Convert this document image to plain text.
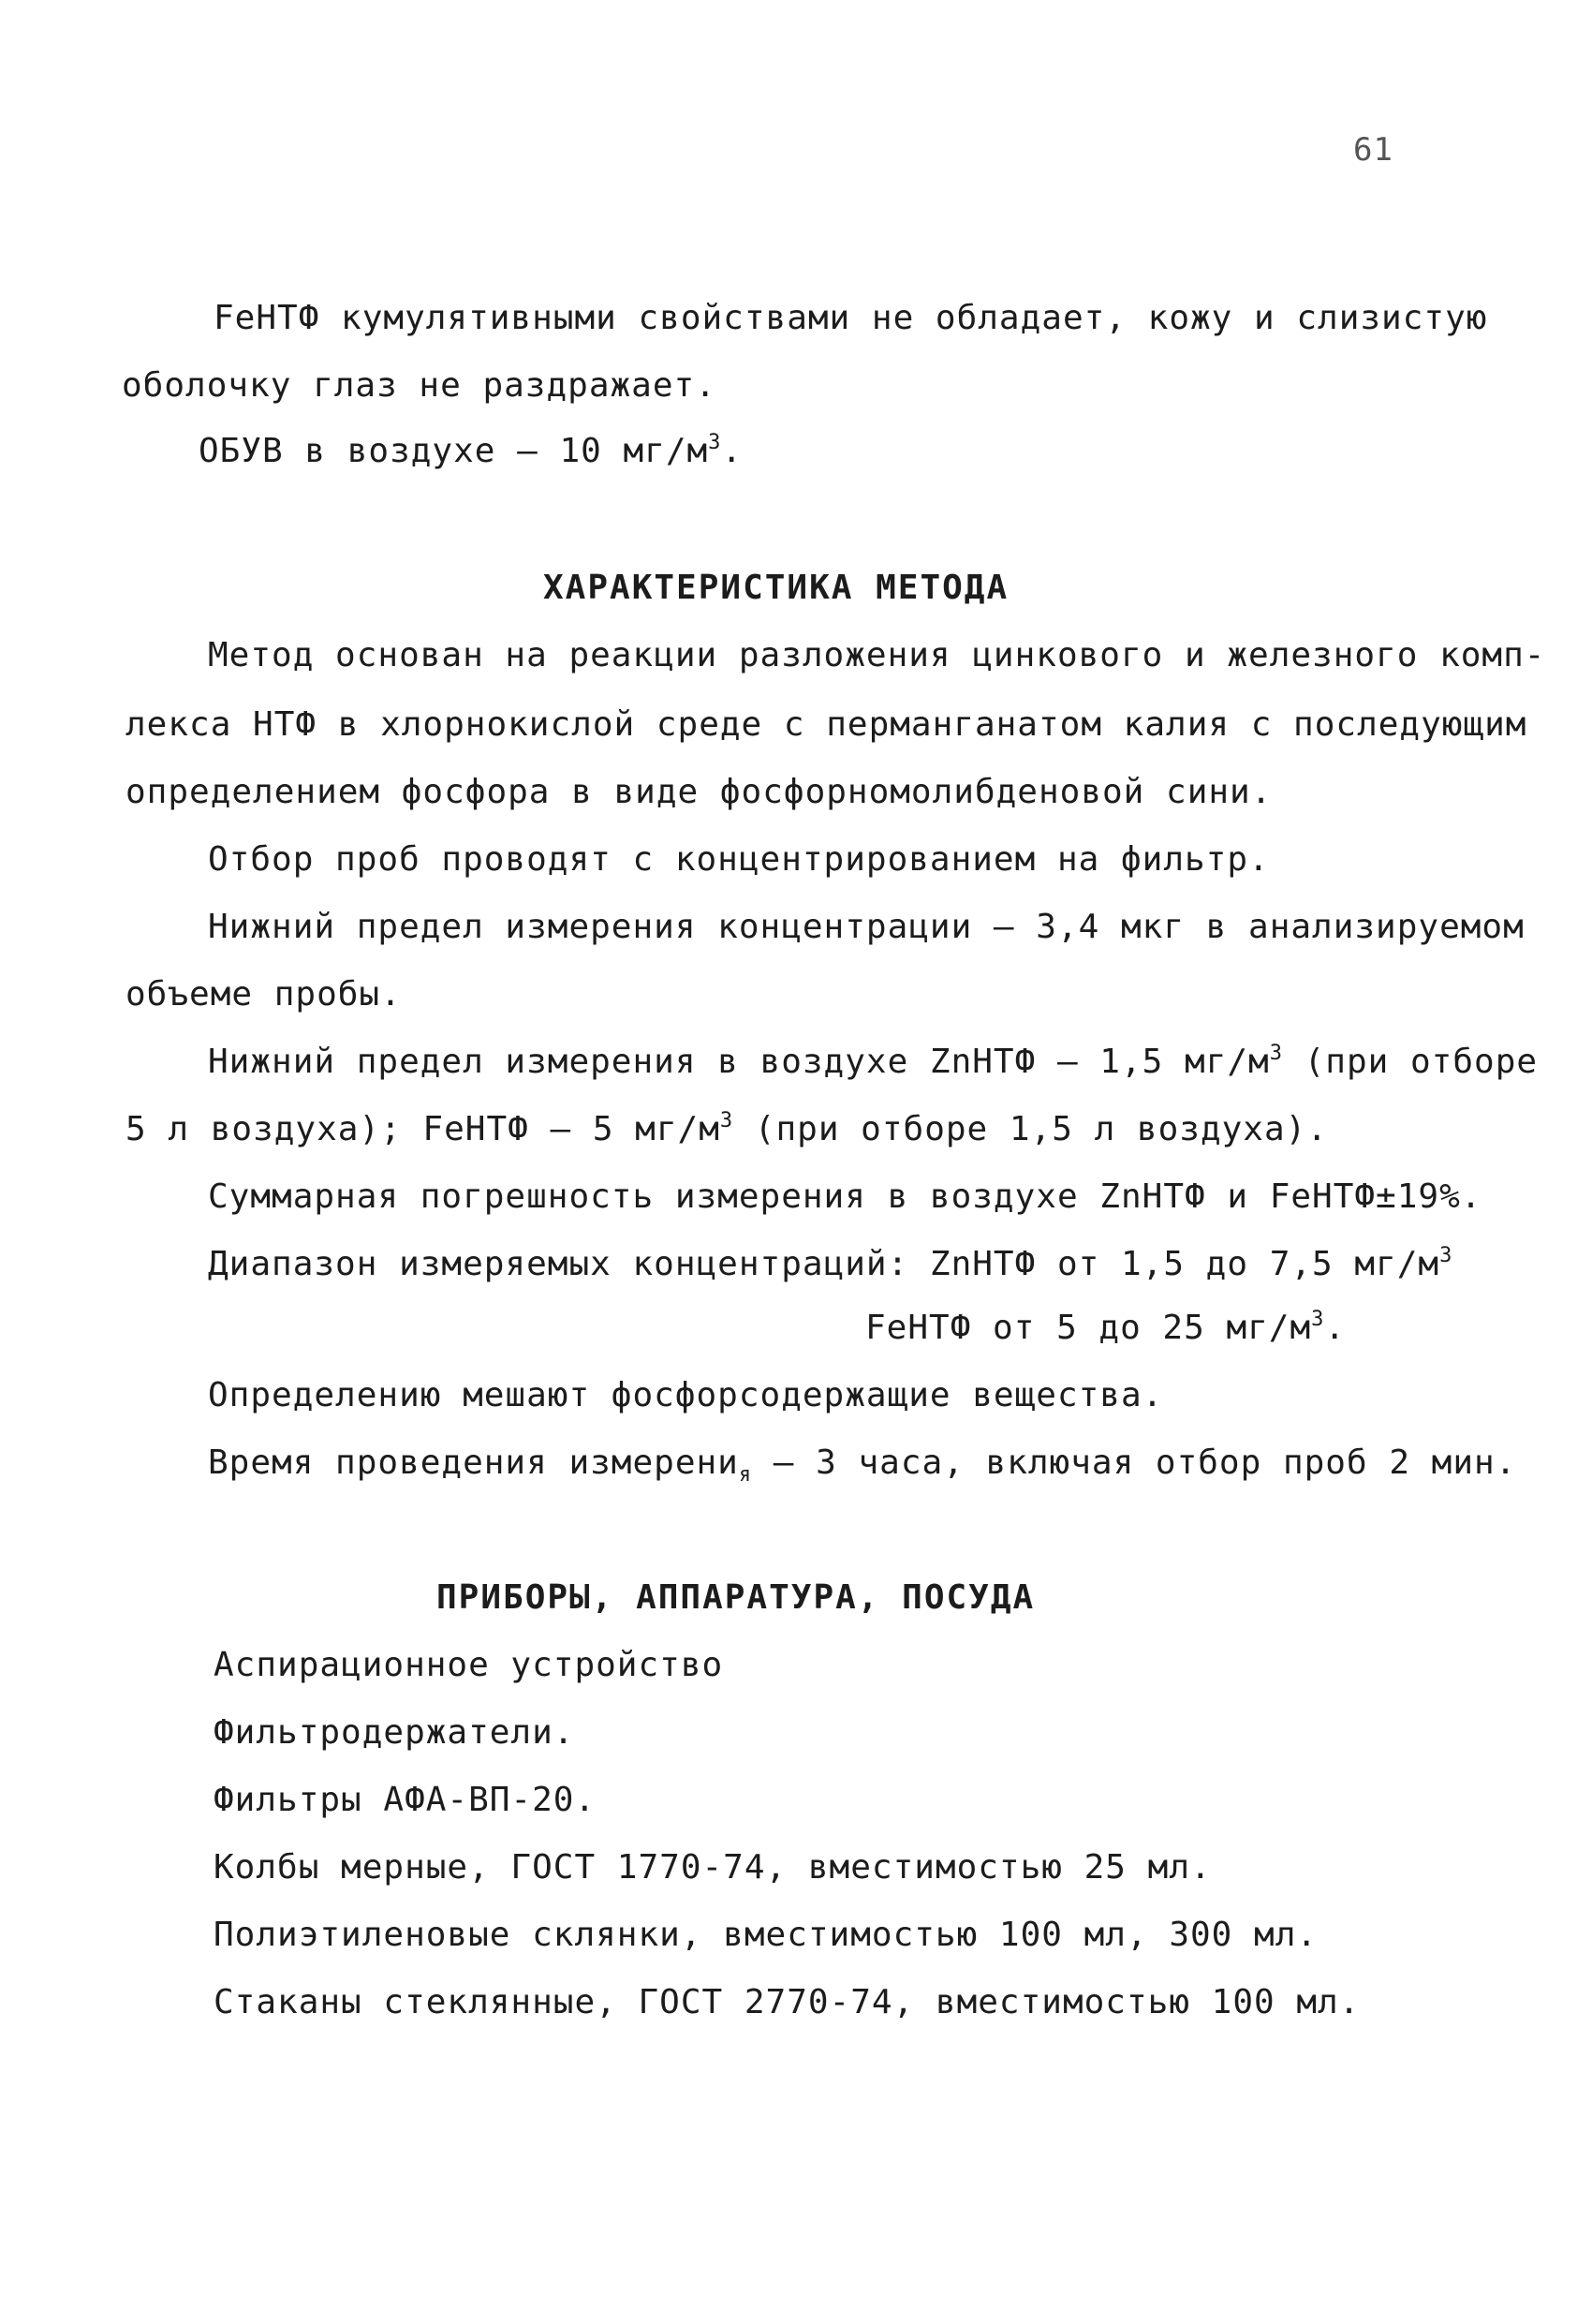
61
FeНТФ кумулятивными свойствами не обладает, кожу и слизистую
оболочку глаз не раздражает.
ОБУВ в воздухе – 10 $мг/м^3$.
ХАРАКТЕРИСТИКА МЕТОДА
Метод основан на реакции разложения цинкового и железного комп-
лекса НТФ в хлорнокислой среде с перманганатом калия с последующим
определением фосфора в виде фосфорномолибденовой сини.
Отбор проб проводят с концентрированием на фильтр.
Нижний предел измерения концентрации – 3,4 мкг в анализируемом
объеме пробы.
Нижний предел измерения в воздухе ZnНТФ – 1,5 $мг/м^3$ (при отборе
5 л воздуха); FeНТФ – 5 $мг/м^3$ (при отборе 1,5 л воздуха).
Суммарная погрешность измерения в воздухе ZnНТФ и FeНТФ±19%.
Диапазон измеряемых концентраций: ZnНТФ от 1,5 до 7,5 $мг/м^3$
FeНТФ от 5 до 25 $мг/м^3$.
Определению мешают фосфорсодержащие вещества.
Время проведения измерени$_я$ – 3 часа, включая отбор проб 2 мин.
ПРИБОРЫ, АППАРАТУРА, ПОСУДА
Аспирационное устройство
Фильтродержатели.
Фильтры АФА-ВП-20.
Колбы мерные, ГОСТ 1770-74, вместимостью 25 мл.
Полиэтиленовые склянки, вместимостью 100 мл, 300 мл.
Стаканы стеклянные, ГОСТ 2770-74, вместимостью 100 мл.
